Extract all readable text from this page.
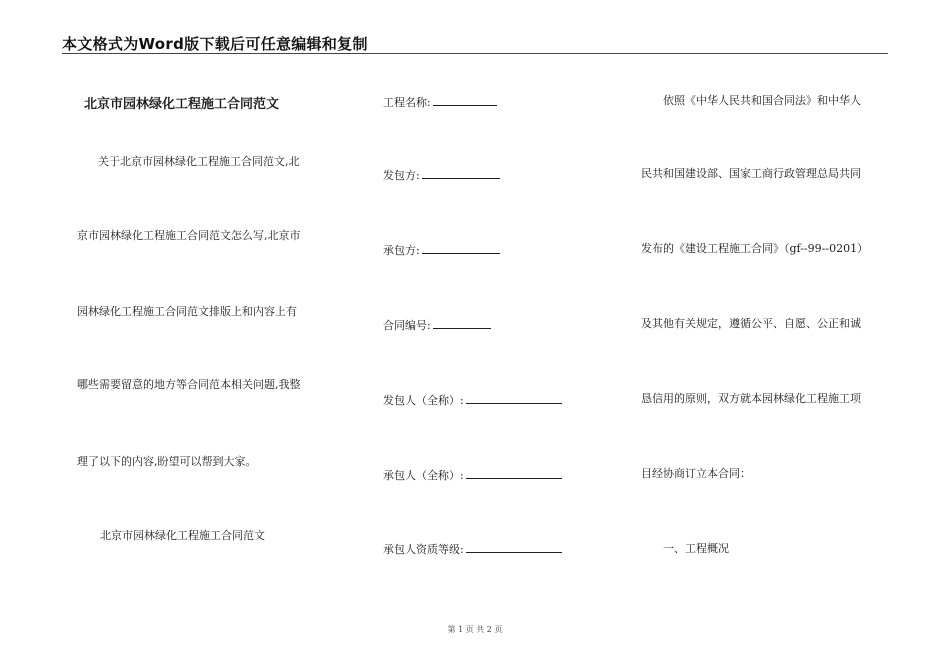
本文格式为Word版下载后可任意编辑和复制
北京市园林绿化工程施工合同范文
关于北京市园林绿化工程施工合同范文,北
京市园林绿化工程施工合同范文怎么写,北京市
园林绿化工程施工合同范文排版上和内容上有
哪些需要留意的地方等合同范本相关问题,我整
理了以下的内容,盼望可以帮到大家。
北京市园林绿化工程施工合同范文
工程名称:
发包方:
承包方:
合同编号:
发包人（全称）:
承包人（全称）:
承包人资质等级:
依照《中华人民共和国合同法》和中华人
民共和国建设部、国家工商行政管理总局共同
发布的《建设工程施工合同》（gf--99--0201）
及其他有关规定，遵循公平、自愿、公正和诚
恳信用的原则，双方就本园林绿化工程施工项
目经协商订立本合同：
一、工程概况
第 1 页 共 2 页
